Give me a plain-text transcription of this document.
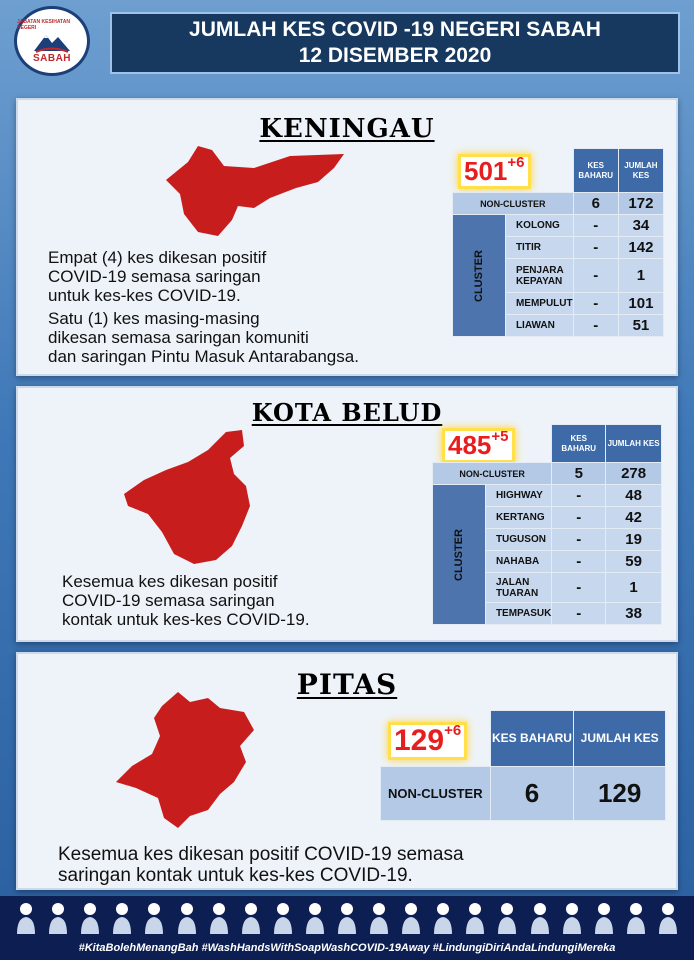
JABATAN KESIHATAN NEGERI
SABAH
JUMLAH KES COVID -19 NEGERI SABAH
12 DISEMBER 2020
KENINGAU
Empat (4) kes dikesan positif
COVID-19 semasa saringan
untuk kes-kes COVID-19.
Satu (1) kes masing-masing
dikesan semasa saringan komuniti
dan saringan Pintu Masuk Antarabangsa.
$501^{+6}$
		KES BAHARU	JUMLAH KES
NON-CLUSTER		6	172
CLUSTER	KOLONG	-	34
	TITIR	-	142
	PENJARA KEPAYAN	-	1
	MEMPULUT	-	101
	LIAWAN	-	51
KOTA BELUD
Kesemua kes dikesan positif
COVID-19 semasa saringan
kontak untuk kes-kes COVID-19.
$485^{+5}$
		KES BAHARU	JUMLAH KES
NON-CLUSTER		5	278
CLUSTER	HIGHWAY	-	48
	KERTANG	-	42
	TUGUSON	-	19
	NAHABA	-	59
	JALAN TUARAN	-	1
	TEMPASUK	-	38
PITAS
Kesemua kes dikesan positif COVID-19 semasa
saringan kontak untuk kes-kes COVID-19.
$129^{+6}$
		KES BAHARU	JUMLAH KES
NON-CLUSTER	6	129
#KitaBolehMenangBah #WashHandsWithSoapWashCOVID-19Away #LindungiDiriAndaLindungiMereka
